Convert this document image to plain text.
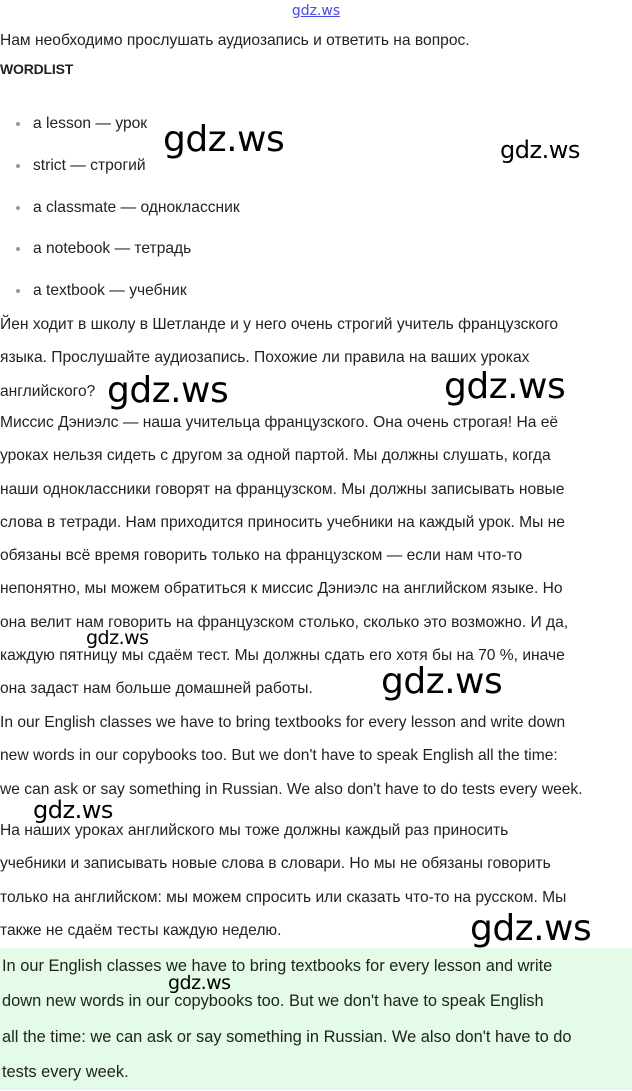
gdz.ws
Нам необходимо прослушать аудиозапись и ответить на вопрос.
WORDLIST
a lesson — урок
strict — строгий
a classmate — одноклассник
a notebook — тетрадь
a textbook — учебник
Йен ходит в школу в Шетланде и у него очень строгий учитель французского
языка. Прослушайте аудиозапись. Похожие ли правила на ваших уроках
английского?
Миссис Дэниэлс — наша учительца французского. Она очень строгая! На её
уроках нельзя сидеть с другом за одной партой. Мы должны слушать, когда
наши одноклассники говорят на французском. Мы должны записывать новые
слова в тетради. Нам приходится приносить учебники на каждый урок. Мы не
обязаны всё время говорить только на французском — если нам что-то
непонятно, мы можем обратиться к миссис Дэниэлс на английском языке. Но
она велит нам говорить на французском столько, сколько это возможно. И да,
каждую пятницу мы сдаём тест. Мы должны сдать его хотя бы на 70 %, иначе
она задаст нам больше домашней работы.
In our English classes we have to bring textbooks for every lesson and write down
new words in our copybooks too. But we don't have to speak English all the time:
we can ask or say something in Russian. We also don't have to do tests every week.
На наших уроках английского мы тоже должны каждый раз приносить
учебники и записывать новые слова в словари. Но мы не обязаны говорить
только на английском: мы можем спросить или сказать что-то на русском. Мы
также не сдаём тесты каждую неделю.
In our English classes we have to bring textbooks for every lesson and write
down new words in our copybooks too. But we don't have to speak English
all the time: we can ask or say something in Russian. We also don't have to do
tests every week.
gdz.ws	gdz.ws
gdz.ws	gdz.ws
gdz.ws
gdz.ws
gdz.ws
gdz.ws
gdz.ws
